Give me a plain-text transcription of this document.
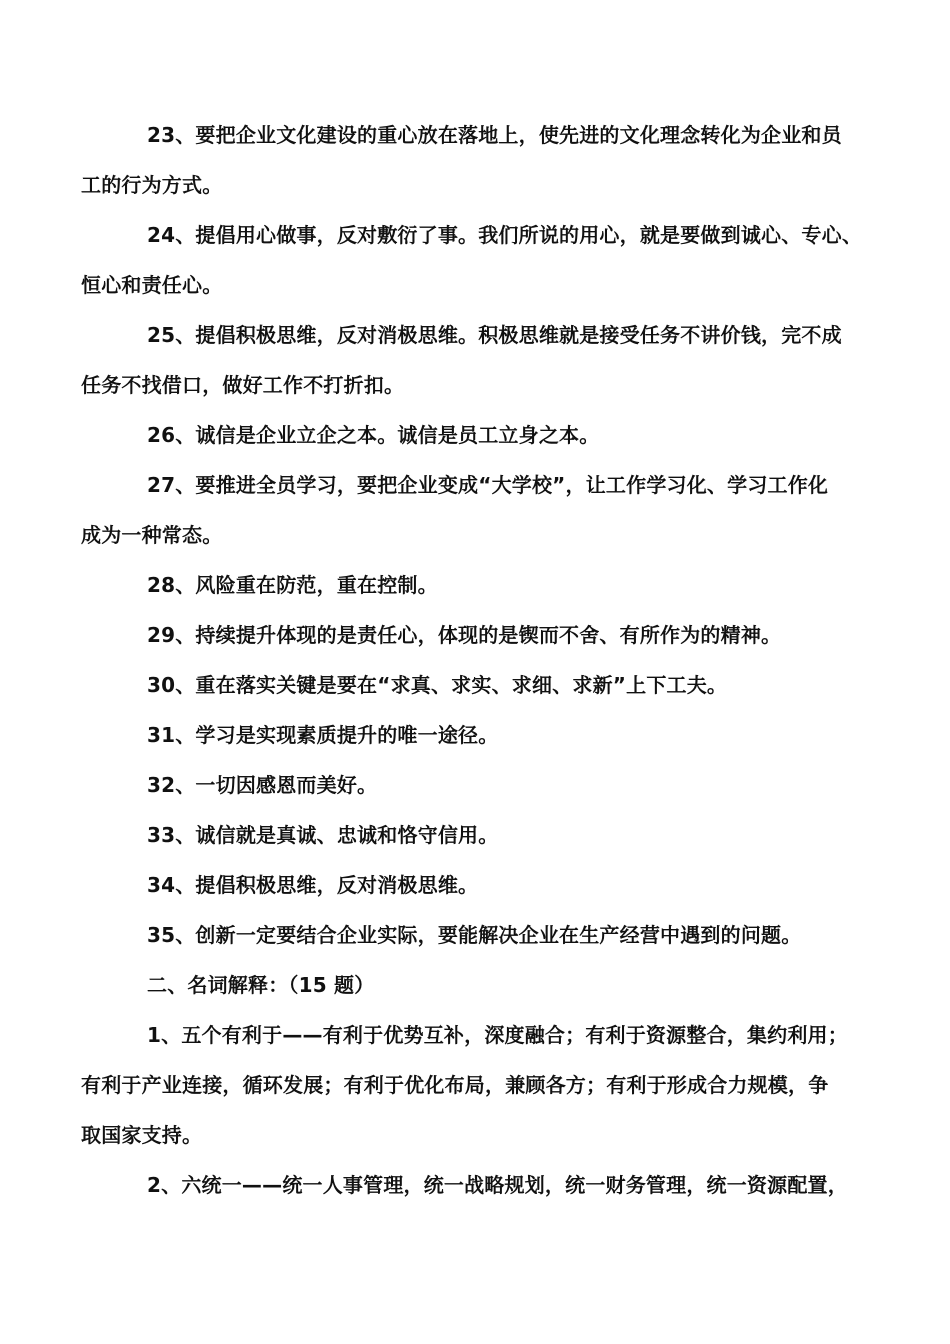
23、要把企业文化建设的重心放在落地上，使先进的文化理念转化为企业和员
工的行为方式。
24、提倡用心做事，反对敷衍了事。我们所说的用心，就是要做到诚心、专心、
恒心和责任心。
25、提倡积极思维，反对消极思维。积极思维就是接受任务不讲价钱，完不成
任务不找借口，做好工作不打折扣。
26、诚信是企业立企之本。诚信是员工立身之本。
27、要推进全员学习，要把企业变成“大学校”，让工作学习化、学习工作化
成为一种常态。
28、风险重在防范，重在控制。
29、持续提升体现的是责任心，体现的是锲而不舍、有所作为的精神。
30、重在落实关键是要在“求真、求实、求细、求新”上下工夫。
31、学习是实现素质提升的唯一途径。
32、一切因感恩而美好。
33、诚信就是真诚、忠诚和恪守信用。
34、提倡积极思维，反对消极思维。
35、创新一定要结合企业实际，要能解决企业在生产经营中遇到的问题。
二、名词解释：（15 题）
1、五个有利于——有利于优势互补，深度融合；有利于资源整合，集约利用；
有利于产业连接，循环发展；有利于优化布局，兼顾各方；有利于形成合力规模，争
取国家支持。
2、六统一——统一人事管理，统一战略规划，统一财务管理，统一资源配置，
